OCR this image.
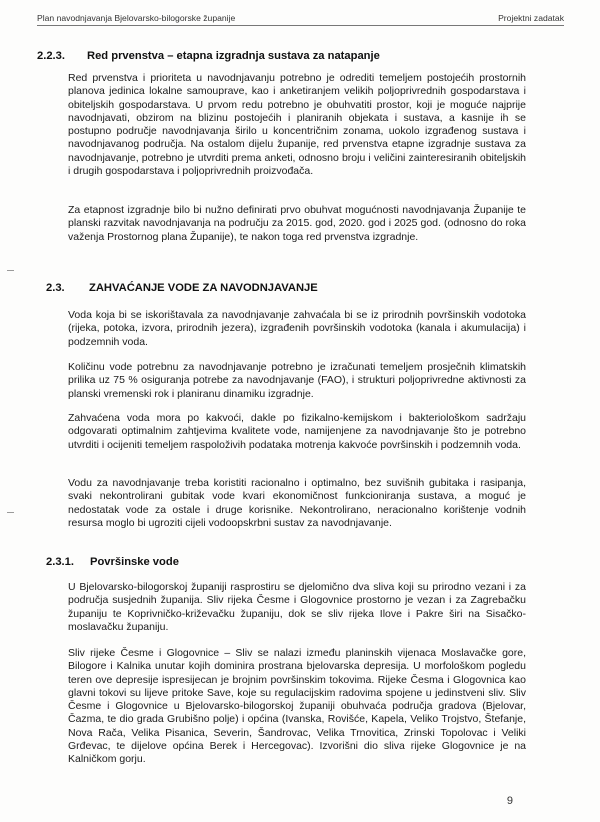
Plan navodnjavanja Bjelovarsko-bilogorske županije	Projektni zadatak
2.2.3. Red prvenstva – etapna izgradnja sustava za natapanje
Red prvenstva i prioriteta u navodnjavanju potrebno je odrediti temeljem postojećih prostornih planova jedinica lokalne samouprave, kao i anketiranjem velikih poljoprivrednih gospodarstava i obiteljskih gospodarstava. U prvom redu potrebno je obuhvatiti prostor, koji je moguće najprije navodnjavati, obzirom na blizinu postojećih i planiranih objekata i sustava, a kasnije ih se postupno područje navodnjavanja širilo u koncentričnim zonama, uokolo izgrađenog sustava i navodnjavanog područja. Na ostalom dijelu županije, red prvenstva etapne izgradnje sustava za navodnjavanje, potrebno je utvrditi prema anketi, odnosno broju i veličini zainteresiranih obiteljskih i drugih gospodarstava i poljoprivrednih proizvođača.
Za etapnost izgradnje bilo bi nužno definirati prvo obuhvat mogućnosti navodnjavanja Županije te planski razvitak navodnjavanja na području za 2015. god, 2020. god i 2025 god. (odnosno do roka važenja Prostornog plana Županije), te nakon toga red prvenstva izgradnje.
2.3. ZAHVAĆANJE VODE ZA NAVODNJAVANJE
Voda koja bi se iskorištavala za navodnjavanje zahvaćala bi se iz prirodnih površinskih vodotoka (rijeka, potoka, izvora, prirodnih jezera), izgrađenih površinskih vodotoka (kanala i akumulacija) i podzemnih voda.
Količinu vode potrebnu za navodnjavanje potrebno je izračunati temeljem prosječnih klimatskih prilika uz 75 % osiguranja potrebe za navodnjavanje (FAO), i strukturi poljoprivredne aktivnosti za planski vremenski rok i planiranu dinamiku izgradnje.
Zahvaćena voda mora po kakvoći, dakle po fizikalno-kemijskom i bakteriološkom sadržaju odgovarati optimalnim zahtjevima kvalitete vode, namijenjene za navodnjavanje što je potrebno utvrditi i ocijeniti temeljem raspoloživih podataka motrenja kakvoće površinskih i podzemnih voda.
Vodu za navodnjavanje treba koristiti racionalno i optimalno, bez suvišnih gubitaka i rasipanja, svaki nekontrolirani gubitak vode kvari ekonomičnost funkcioniranja sustava, a moguć je nedostatak vode za ostale i druge korisnike. Nekontrolirano, neracionalno korištenje vodnih resursa moglo bi ugroziti cijeli vodoopskrbni sustav za navodnjavanje.
2.3.1. Površinske vode
U Bjelovarsko-bilogorskoj županiji rasprostiru se djelomično dva sliva koji su prirodno vezani i za područja susjednih županija. Sliv rijeka Česme i Glogovnice prostorno je vezan i za Zagrebačku županiju te Koprivničko-križevačku županiju, dok se sliv rijeka Ilove i Pakre širi na Sisačko-moslavačku županiju.
Sliv rijeke Česme i Glogovnice – Sliv se nalazi između planinskih vijenaca Moslavačke gore, Bilogore i Kalnika unutar kojih dominira prostrana bjelovarska depresija. U morfološkom pogledu teren ove depresije ispresijecan je brojnim površinskim tokovima. Rijeke Česma i Glogovnica kao glavni tokovi su lijeve pritoke Save, koje su regulacijskim radovima spojene u jedinstveni sliv. Sliv Česme i Glogovnice u Bjelovarsko-bilogorskoj županiji obuhvaća područja gradova (Bjelovar, Čazma, te dio grada Grubišno polje) i općina (Ivanska, Rovišće, Kapela, Veliko Trojstvo, Štefanje, Nova Rača, Velika Pisanica, Severin, Šandrovac, Velika Trnovitica, Zrinski Topolovac i Veliki Grđevac, te dijelove općina Berek i Hercegovac). Izvorišni dio sliva rijeke Glogovnice je na Kalničkom gorju.
9
